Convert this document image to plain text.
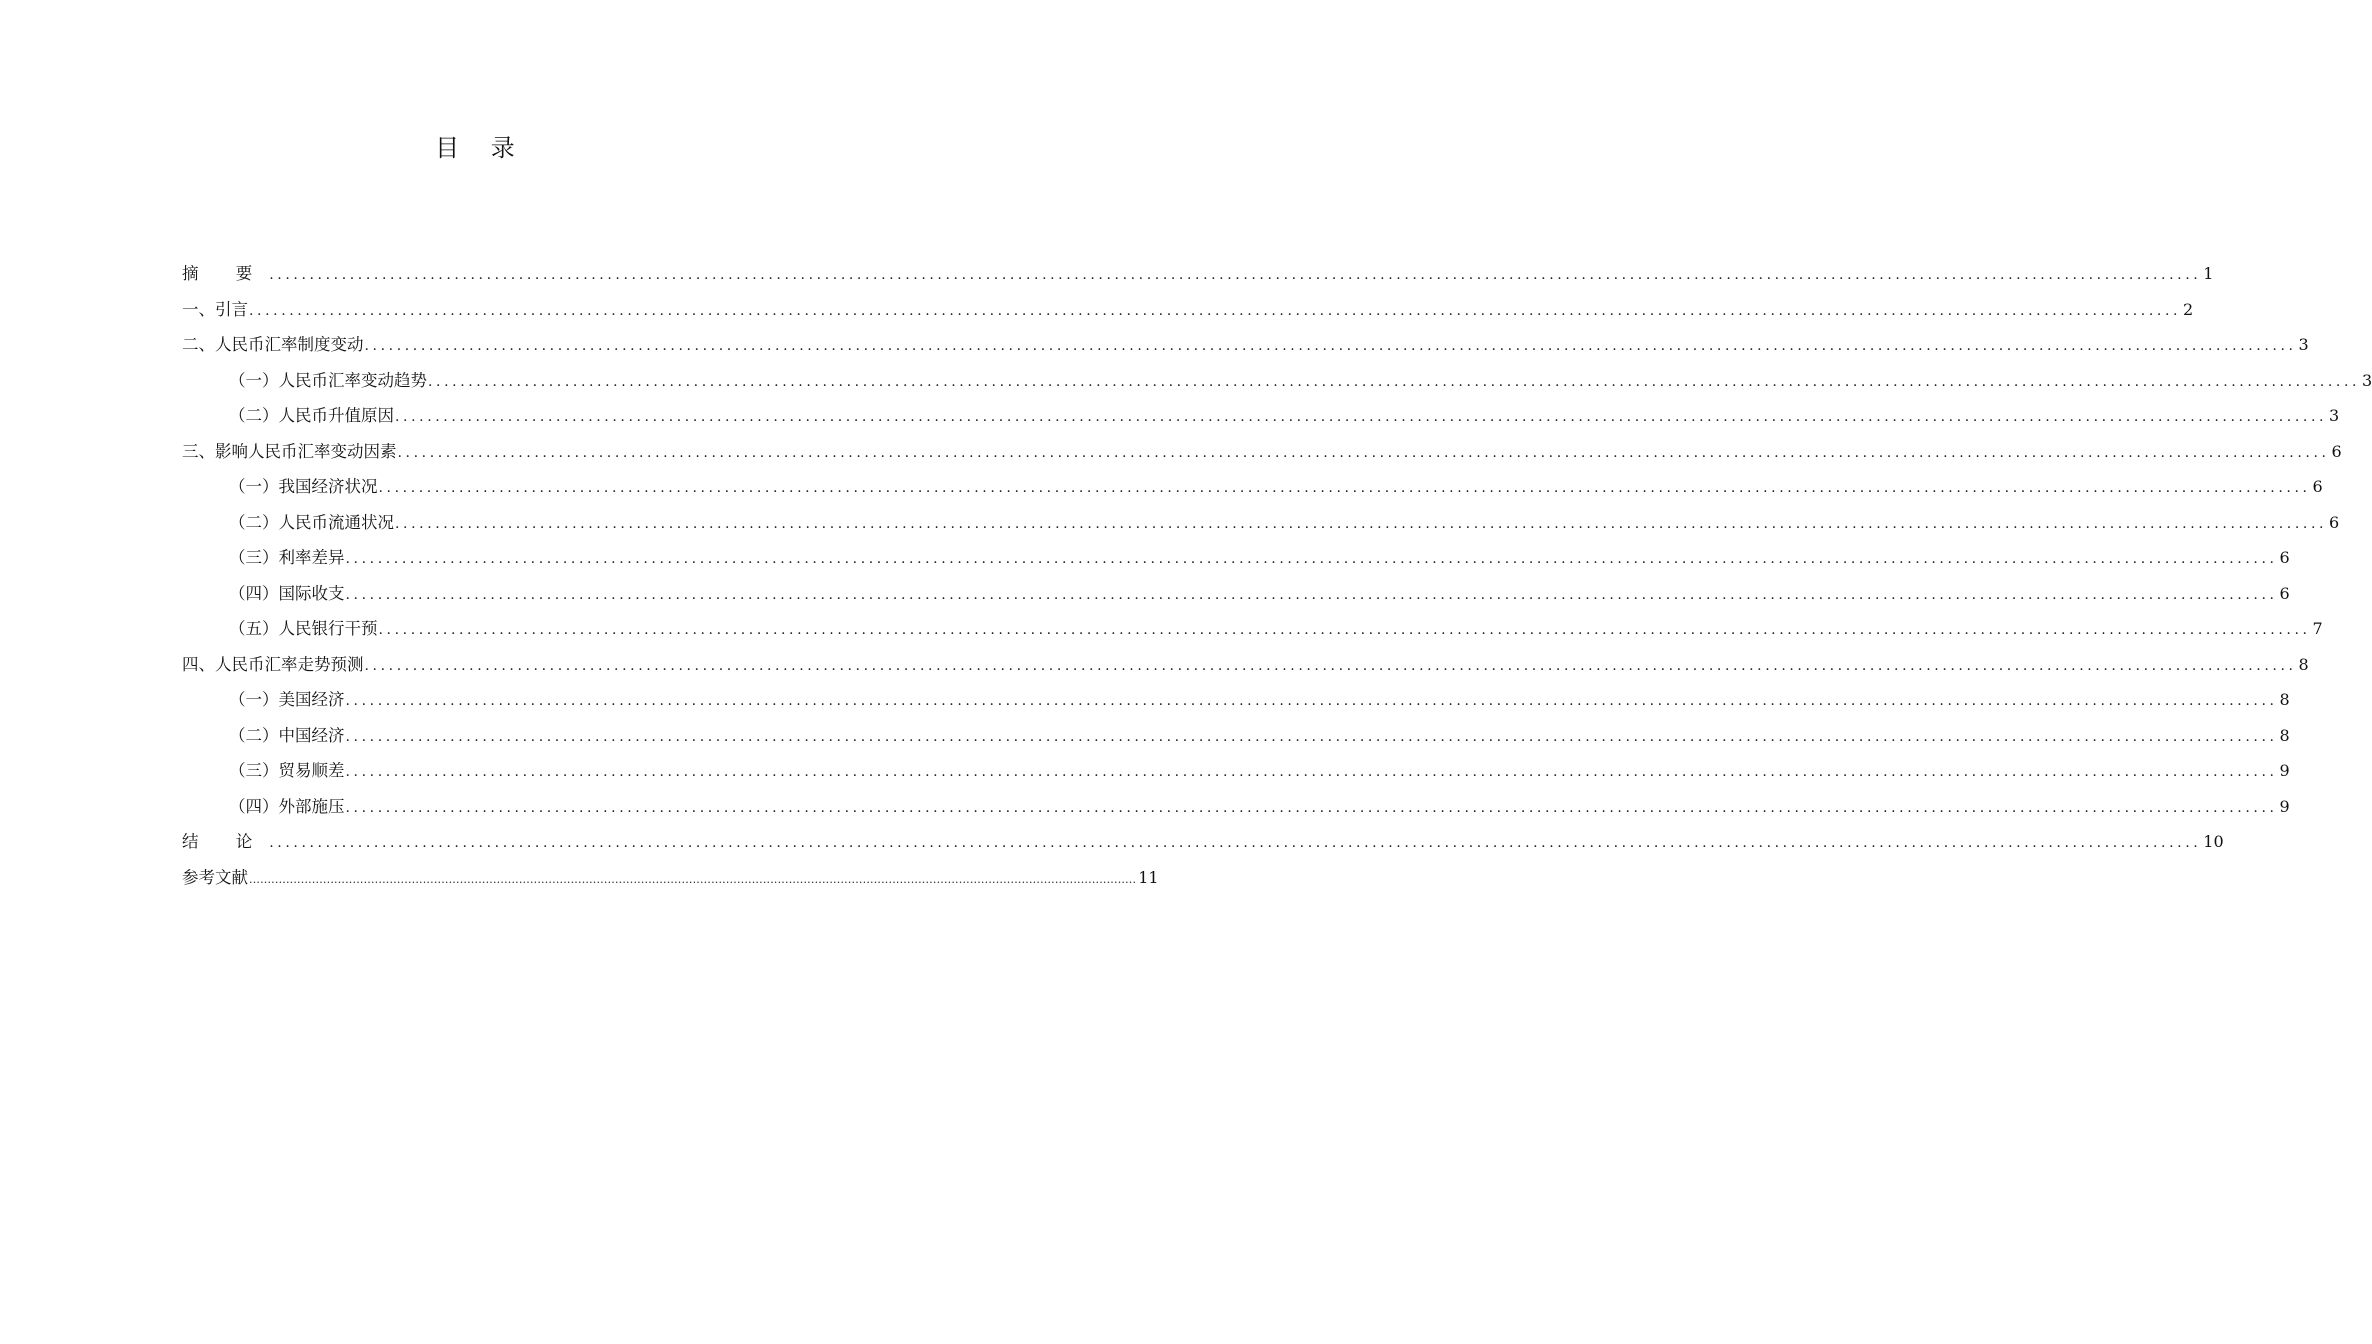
目 录
摘 要 ................................................................................................................................................................................................................................................ 1
一、引言 ................................................................................................................................................................................................................................................ 2
二、人民币汇率制度变动 ................................................................................................................................................................................................................................................ 3
（一）人民币汇率变动趋势 ................................................................................................................................................................................................................................................ 3
（二）人民币升值原因 ................................................................................................................................................................................................................................................ 3
三、影响人民币汇率变动因素 ................................................................................................................................................................................................................................................ 6
（一）我国经济状况 ................................................................................................................................................................................................................................................ 6
（二）人民币流通状况 ................................................................................................................................................................................................................................................ 6
（三）利率差异 ................................................................................................................................................................................................................................................ 6
（四）国际收支 ................................................................................................................................................................................................................................................ 6
（五）人民银行干预 ................................................................................................................................................................................................................................................ 7
四、人民币汇率走势预测 ................................................................................................................................................................................................................................................ 8
（一）美国经济 ................................................................................................................................................................................................................................................ 8
（二）中国经济 ................................................................................................................................................................................................................................................ 8
（三）贸易顺差 ................................................................................................................................................................................................................................................ 9
（四）外部施压 ................................................................................................................................................................................................................................................ 9
结 论 ................................................................................................................................................................................................................................................ 10
参考文献 ................................................................................................................................................................................................................................................ 11
